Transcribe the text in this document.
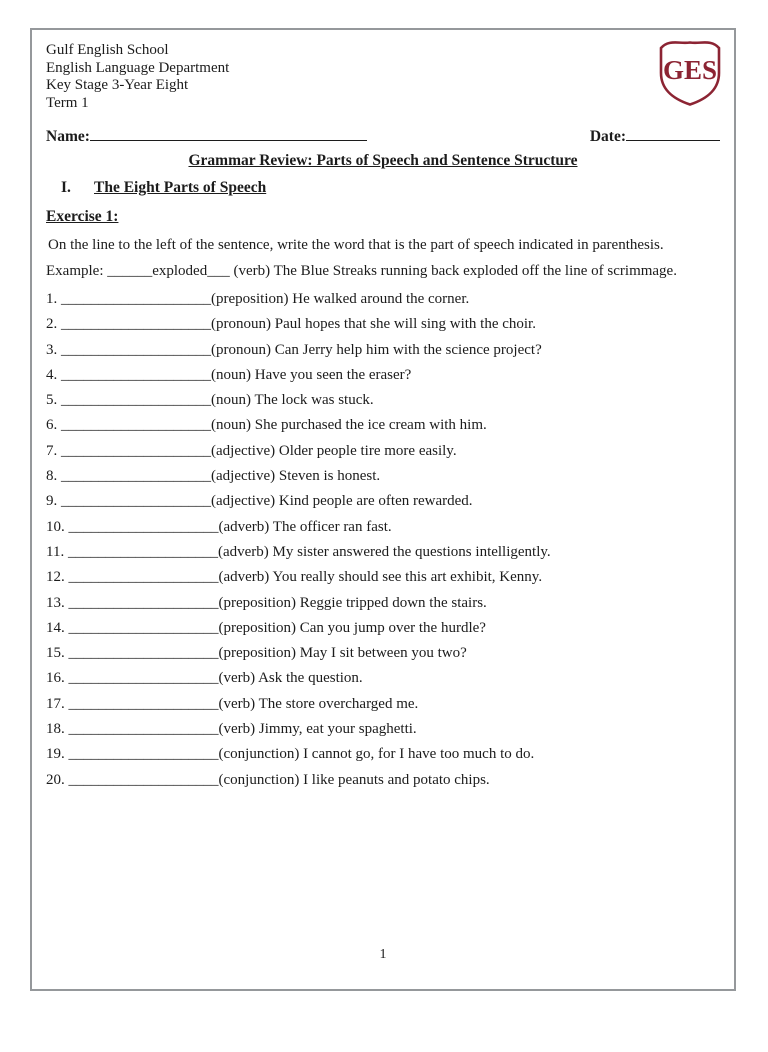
Gulf English School
English Language Department
Key Stage 3-Year Eight
Term 1
GES
Name:	Date:
Grammar Review: Parts of Speech and Sentence Structure
I. The Eight Parts of Speech
Exercise 1:
On the line to the left of the sentence, write the word that is the part of speech indicated in parenthesis.
Example: ______exploded___ (verb) The Blue Streaks running back exploded off the line of scrimmage.
1. ____________________(preposition) He walked around the corner.
2. ____________________(pronoun) Paul hopes that she will sing with the choir.
3. ____________________(pronoun) Can Jerry help him with the science project?
4. ____________________(noun) Have you seen the eraser?
5. ____________________(noun) The lock was stuck.
6. ____________________(noun) She purchased the ice cream with him.
7. ____________________(adjective) Older people tire more easily.
8. ____________________(adjective) Steven is honest.
9. ____________________(adjective) Kind people are often rewarded.
10. ____________________(adverb) The officer ran fast.
11. ____________________(adverb) My sister answered the questions intelligently.
12. ____________________(adverb) You really should see this art exhibit, Kenny.
13. ____________________(preposition) Reggie tripped down the stairs.
14. ____________________(preposition) Can you jump over the hurdle?
15. ____________________(preposition) May I sit between you two?
16. ____________________(verb) Ask the question.
17. ____________________(verb) The store overcharged me.
18. ____________________(verb) Jimmy, eat your spaghetti.
19. ____________________(conjunction) I cannot go, for I have too much to do.
20. ____________________(conjunction) I like peanuts and potato chips.
1
